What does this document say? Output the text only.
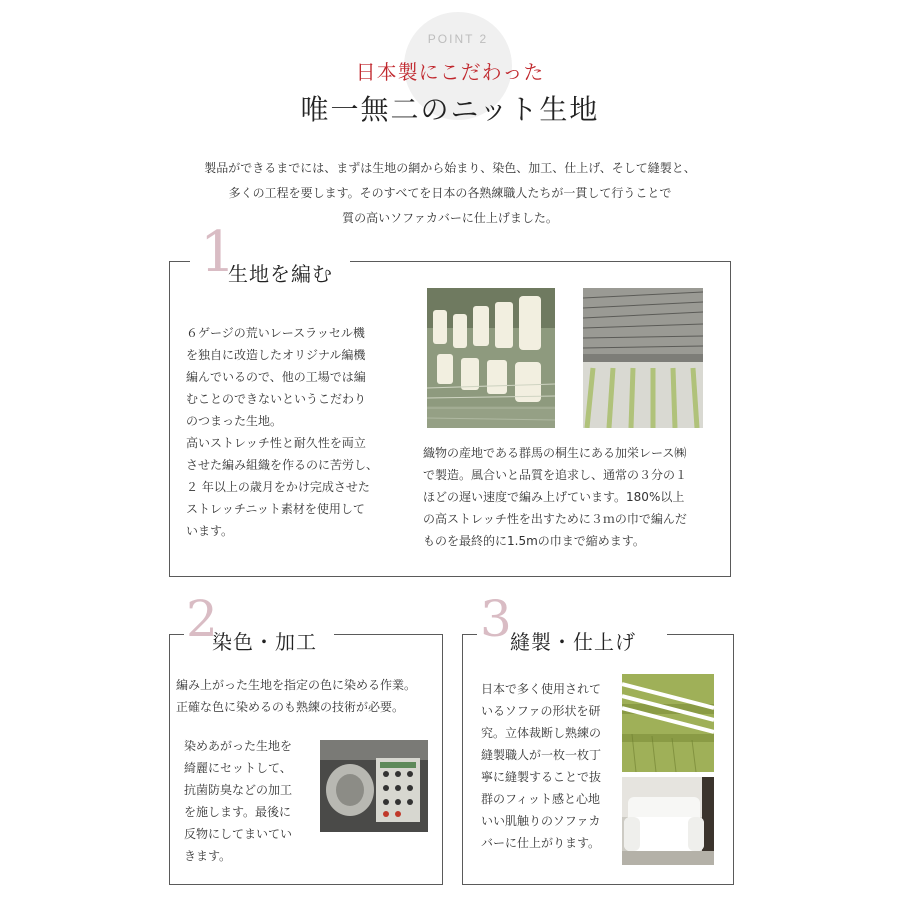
POINT 2
日本製にこだわった
唯一無二のニット生地
製品ができるまでには、まずは生地の網から始まり、染色、加工、仕上げ、そして縫製と、
多くの工程を要します。そのすべてを日本の各熟練職人たちが一貫して行うことで
質の高いソファカバーに仕上げました。
1
生地を編む
６ゲージの荒いレースラッセル機
を独自に改造したオリジナル編機
編んでいるので、他の工場では編
むことのできないというこだわり
のつまった生地。
高いストレッチ性と耐久性を両立
させた編み組織を作るのに苦労し、
２ 年以上の歳月をかけ完成させた
ストレッチニット素材を使用して
います。
織物の産地である群馬の桐生にある加栄レース㈱
で製造。風合いと品質を追求し、通常の３分の１
ほどの遅い速度で編み上げています。180%以上
の高ストレッチ性を出すために３ｍの巾で編んだ
ものを最終的に1.5mの巾まで縮めます。
2
染色・加工
編み上がった生地を指定の色に染める作業。
正確な色に染めるのも熟練の技術が必要。
染めあがった生地を
綺麗にセットして、
抗菌防臭などの加工
を施します。最後に
反物にしてまいてい
きます。
3
縫製・仕上げ
日本で多く使用されて
いるソファの形状を研
究。立体裁断し熟練の
縫製職人が一枚一枚丁
寧に縫製することで抜
群のフィット感と心地
いい肌触りのソファカ
バーに仕上がります。
